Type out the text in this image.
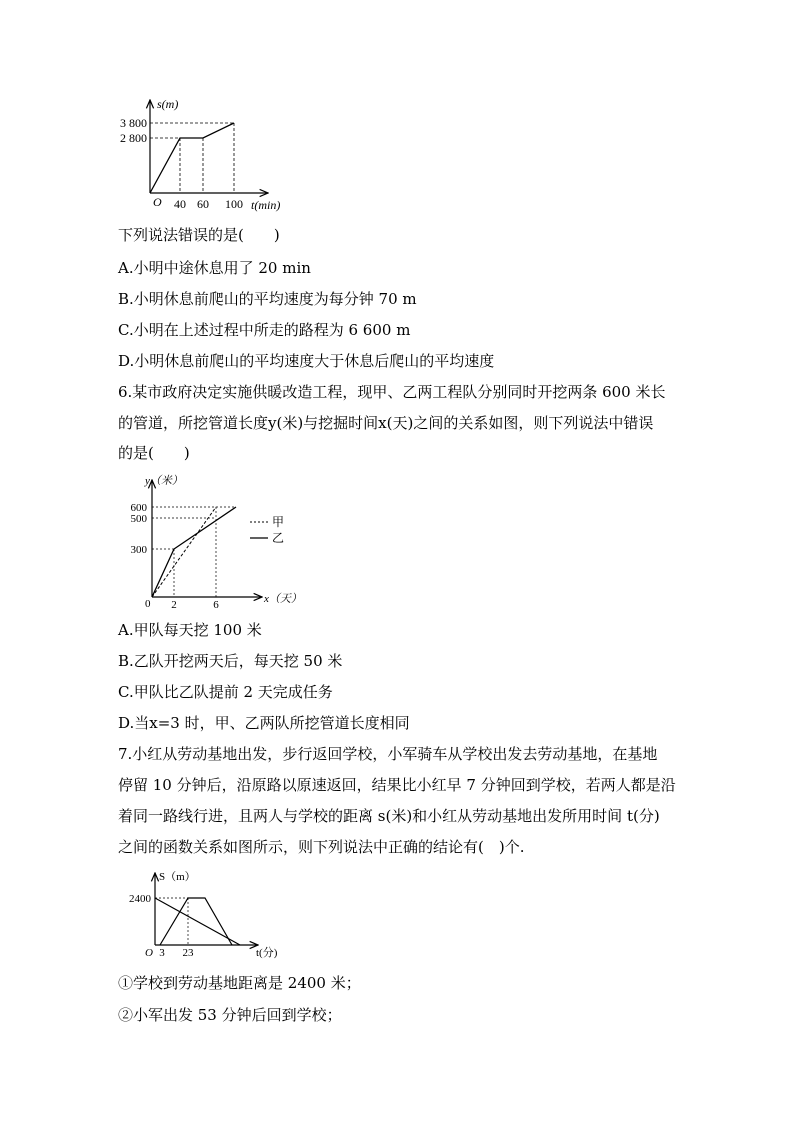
s(m)
3 800
2 800
O 40 60 100 t(min)
下列说法错误的是(　　)
A.小明中途休息用了 20 min
B.小明休息前爬山的平均速度为每分钟 70 m
C.小明在上述过程中所走的路程为 6 600 m
D.小明休息前爬山的平均速度大于休息后爬山的平均速度
6.某市政府决定实施供暖改造工程，现甲、乙两工程队分别同时开挖两条 600 米长
的管道，所挖管道长度y(米)与挖掘时间x(天)之间的关系如图，则下列说法中错误
的是(　　)
甲
乙
y（米）
600
500
300
0 2	6	x（天）
A.甲队每天挖 100 米
B.乙队开挖两天后，每天挖 50 米
C.甲队比乙队提前 2 天完成任务
D.当x=3 时，甲、乙两队所挖管道长度相同
7.小红从劳动基地出发，步行返回学校，小军骑车从学校出发去劳动基地，在基地
停留 10 分钟后，沿原路以原速返回，结果比小红早 7 分钟回到学校，若两人都是沿
着同一路线行进，且两人与学校的距离 s(米)和小红从劳动基地出发所用时间 t(分)
之间的函数关系如图所示，则下列说法中正确的结论有(　)个.
S（m）
2400
O 3 23	t(分)
①学校到劳动基地距离是 2400 米；
②小军出发 53 分钟后回到学校；
